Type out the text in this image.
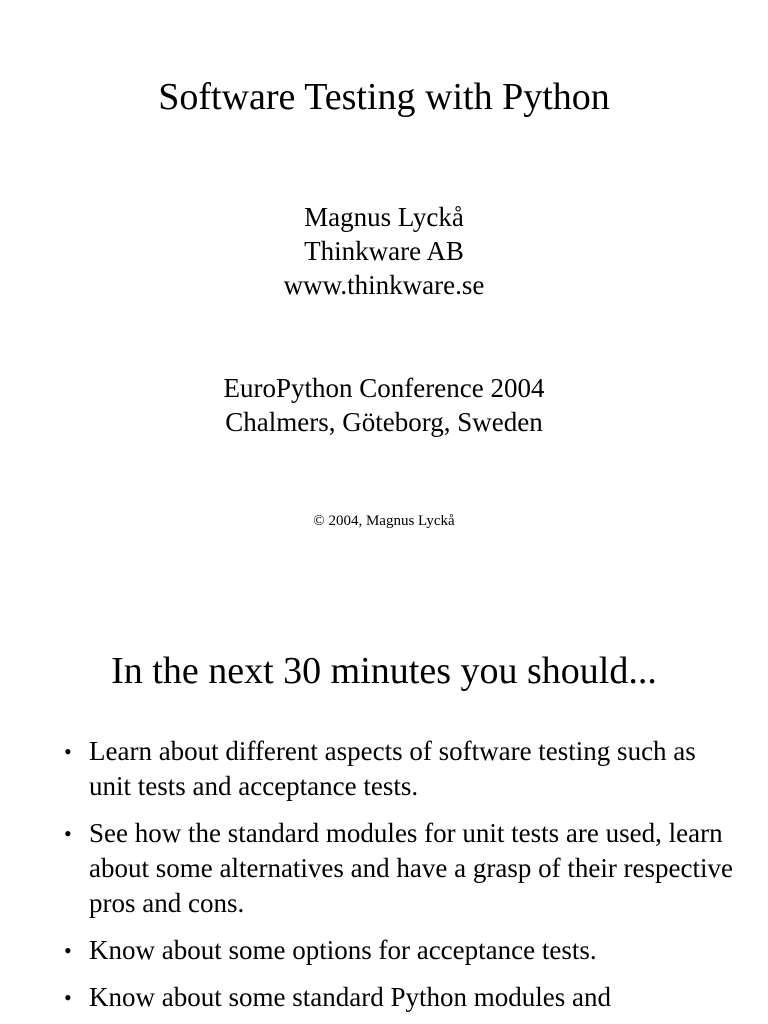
Software Testing with Python
Magnus Lyckå
Thinkware AB
www.thinkware.se
EuroPython Conference 2004
Chalmers, Göteborg, Sweden
© 2004, Magnus Lyckå
In the next 30 minutes you should...
• Learn about different aspects of software testing such as unit tests and acceptance tests.
• See how the standard modules for unit tests are used, learn about some alternatives and have a grasp of their respective pros and cons.
• Know about some options for acceptance tests.
• Know about some standard Python modules and
